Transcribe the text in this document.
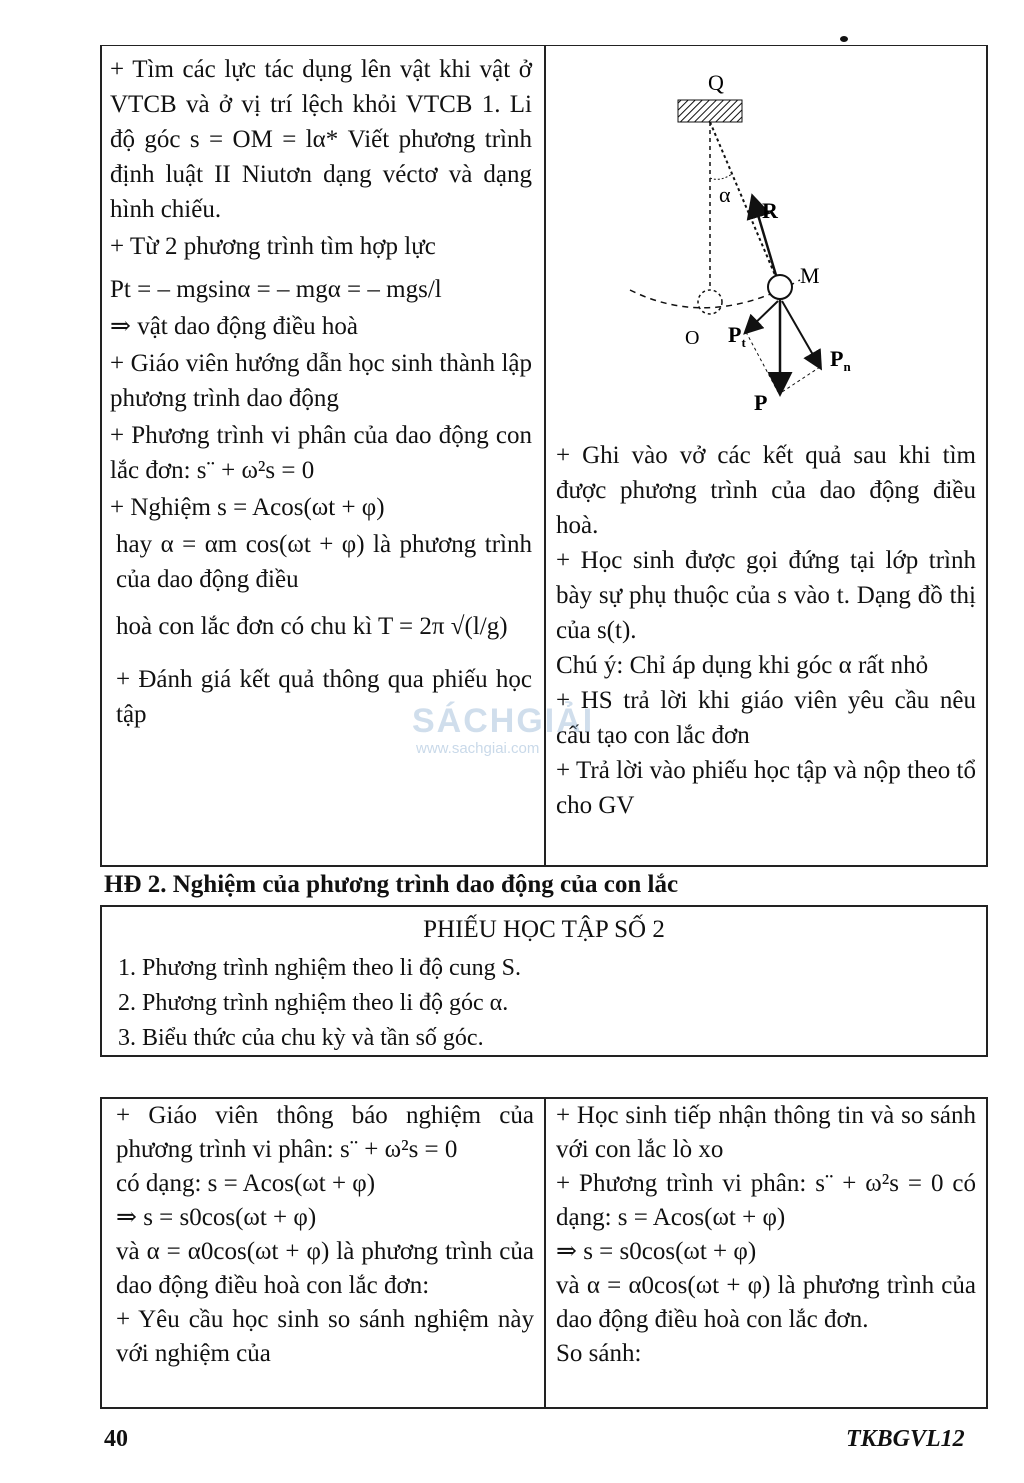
+ Tìm các lực tác dụng lên vật khi vật ở VTCB và ở vị trí lệch khỏi VTCB 1. Li độ góc s = OM = lα* Viết phương trình định luật II Niutơn dạng véctơ và dạng hình chiếu.

+ Từ 2 phương trình tìm hợp lực

Pt = – mgsinα = – mgα = – mgs/l

⇒ vật dao động điều hoà

+ Giáo viên hướng dẫn học sinh thành lập phương trình dao động

+ Phương trình vi phân của dao động con lắc đơn: s¨ + ω²s = 0

+ Nghiệm s = Acos(ωt + φ)

hay α = αm cos(ωt + φ) là phương trình của dao động điều

hoà con lắc đơn có chu kì T = 2π √(l/g)

+ Đánh giá kết quả thông qua phiếu học tập

+ Ghi vào vở các kết quả sau khi tìm được phương trình của dao động điều hoà.

+ Học sinh được gọi đứng tại lớp trình bày sự phụ thuộc của s vào t. Dạng đồ thị của s(t).

Chú ý: Chỉ áp dụng khi góc α rất nhỏ

+ HS trả lời khi giáo viên yêu cầu nêu cấu tạo con lắc đơn

+ Trả lời vào phiếu học tập và nộp theo tổ cho GV

Q
α
R
M
O $P_t$
$P_n$
P
HĐ 2. Nghiệm của phương trình dao động của con lắc
PHIẾU HỌC TẬP SỐ 2
1. Phương trình nghiệm theo li độ cung S.
2. Phương trình nghiệm theo li độ góc α.
3. Biểu thức của chu kỳ và tần số góc.

+ Giáo viên thông báo nghiệm của phương trình vi phân: s¨ + ω²s = 0

có dạng: s = Acos(ωt + φ)

⇒ s = s0cos(ωt + φ)

và α = α0cos(ωt + φ) là phương trình của dao động điều hoà con lắc đơn:

+ Yêu cầu học sinh so sánh nghiệm này với nghiệm của

+ Học sinh tiếp nhận thông tin và so sánh với con lắc lò xo

+ Phương trình vi phân: s¨ + ω²s = 0 có dạng: s = Acos(ωt + φ)

⇒ s = s0cos(ωt + φ)

và α = α0cos(ωt + φ) là phương trình của dao động điều hoà con lắc đơn.

So sánh:

SÁCHGIẢI
www.sachgiai.com
40	TKBGVL12
